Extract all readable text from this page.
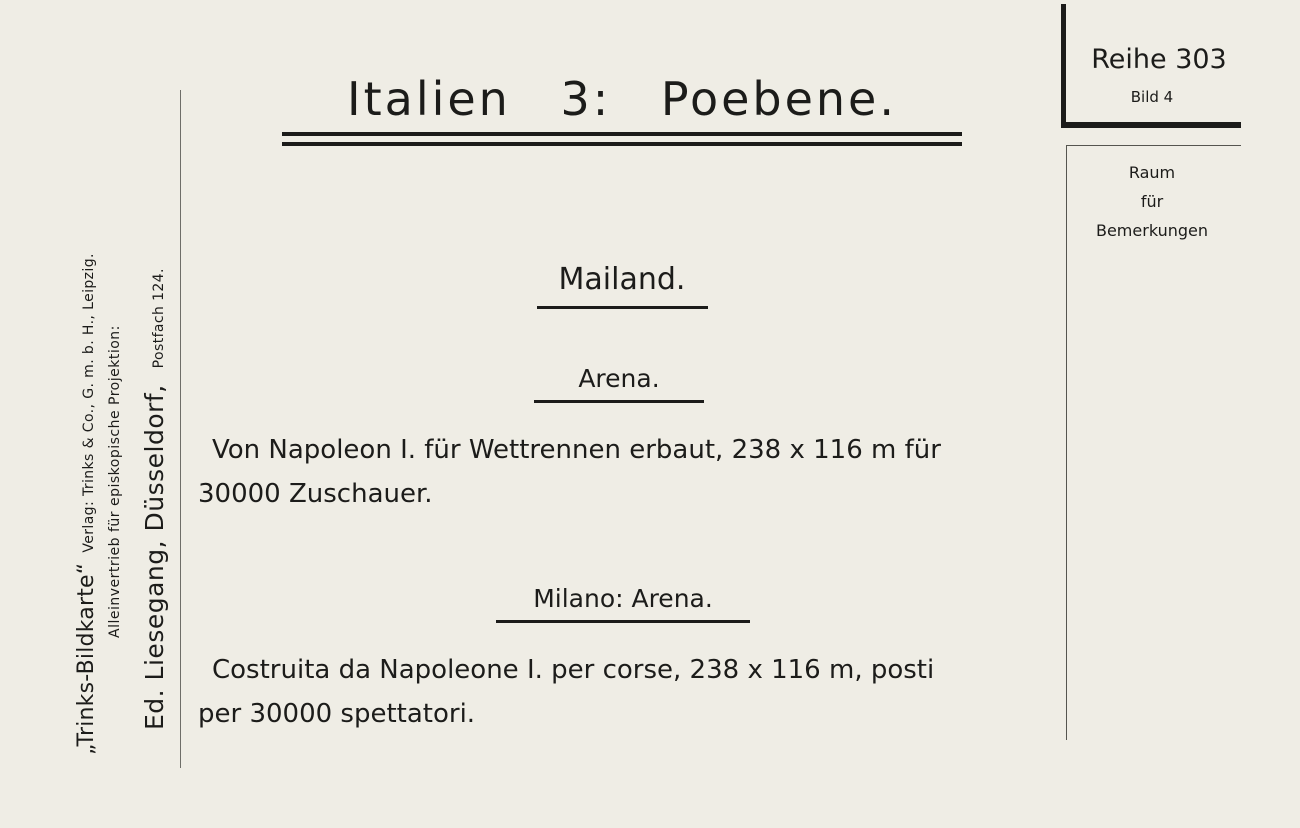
„Trinks-Bildkarte“Verlag: Trinks & Co., G. m. b. H., Leipzig. Alleinvertrieb für episkopische Projektion: Ed. Liesegang, Düsseldorf,Postfach 124.
Italien 3: Poebene.
Mailand.
Arena.
Von Napoleon I. für Wettrennen erbaut, 238 x 116 m für
30000 Zuschauer.
Milano: Arena.
Costruita da Napoleone I. per corse, 238 x 116 m, posti
per 30000 spettatori.
Reihe 303
Bild 4
Raum
für
Bemerkungen
